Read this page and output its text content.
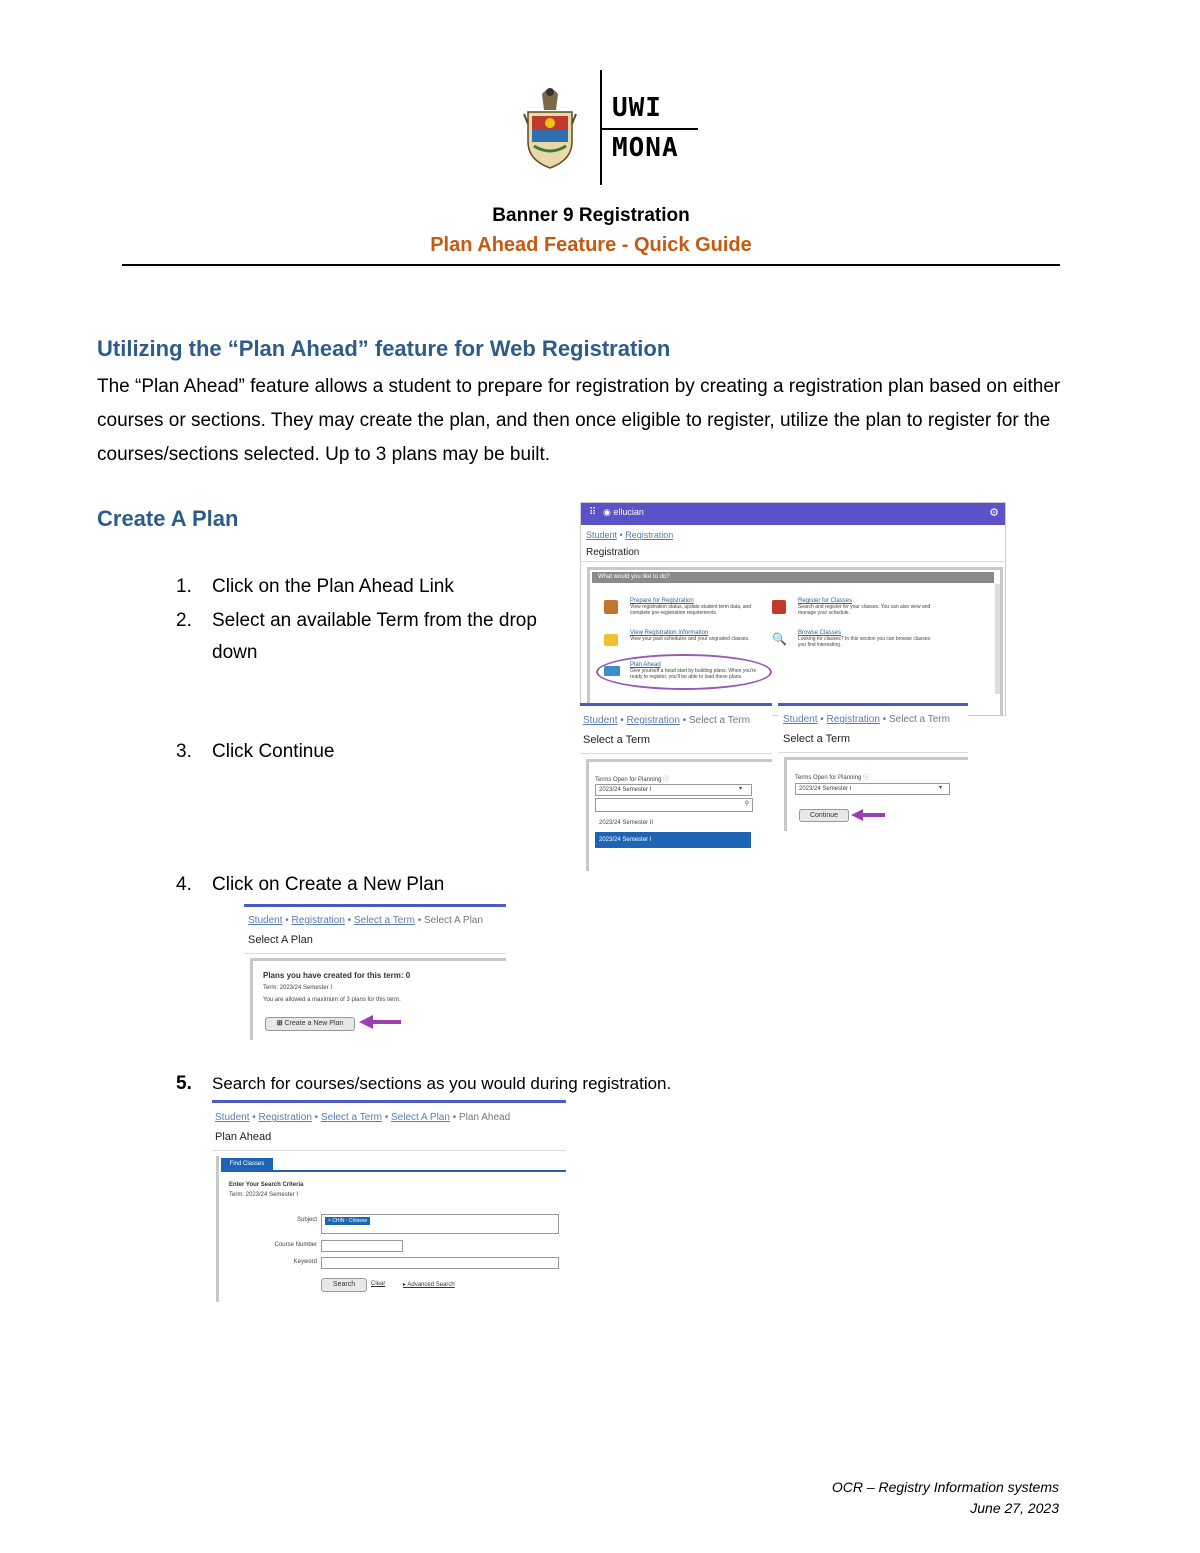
UWI
MONA
Banner 9 Registration
Plan Ahead Feature - Quick Guide
Utilizing the “Plan Ahead” feature for Web Registration
The “Plan Ahead” feature allows a student to prepare for registration by creating a registration plan based on either courses or sections. They may create the plan, and then once eligible to register, utilize the plan to register for the courses/sections selected. Up to 3 plans may be built.
Create A Plan
1. Click on the Plan Ahead Link
2. Select an available Term from the drop down
3. Click Continue
4. Click on Create a New Plan
5. Search for courses/sections as you would during registration.
⠿ ◉ ellucian	⚙
Student • Registration
Registration
What would you like to do?
Prepare for Registration
View registration status, update student term data, and complete pre-registration requirements.
Register for Classes
Search and register for your classes. You can also view and manage your schedule.
View Registration Information
View your past schedules and your ungraded classes.	🔍 Browse Classes
Looking for classes? In this section you can browse classes you find interesting.
Plan Ahead
Give yourself a head start by building plans. When you're ready to register, you'll be able to load these plans.
Student • Registration • Select a Term
Select a Term
Terms Open for Planning ⓘ
2023/24 Semester I	▾
⚲
2023/24 Semester II
2023/24 Semester I
Student • Registration • Select a Term
Select a Term
Terms Open for Planning ⓘ
2023/24 Semester I	▾
Continue
Student • Registration • Select a Term • Select A Plan
Select A Plan
Plans you have created for this term: 0
Term: 2023/24 Semester I
You are allowed a maximum of 3 plans for this term.
⊞ Create a New Plan
Student • Registration • Select a Term • Select A Plan • Plan Ahead
Plan Ahead
Find Classes
Enter Your Search Criteria
Term: 2023/24 Semester I
Subject	× CHIN - Chinese
Course Number
Keyword
Search	Clear	▸ Advanced Search
OCR – Registry Information systems
June 27, 2023
